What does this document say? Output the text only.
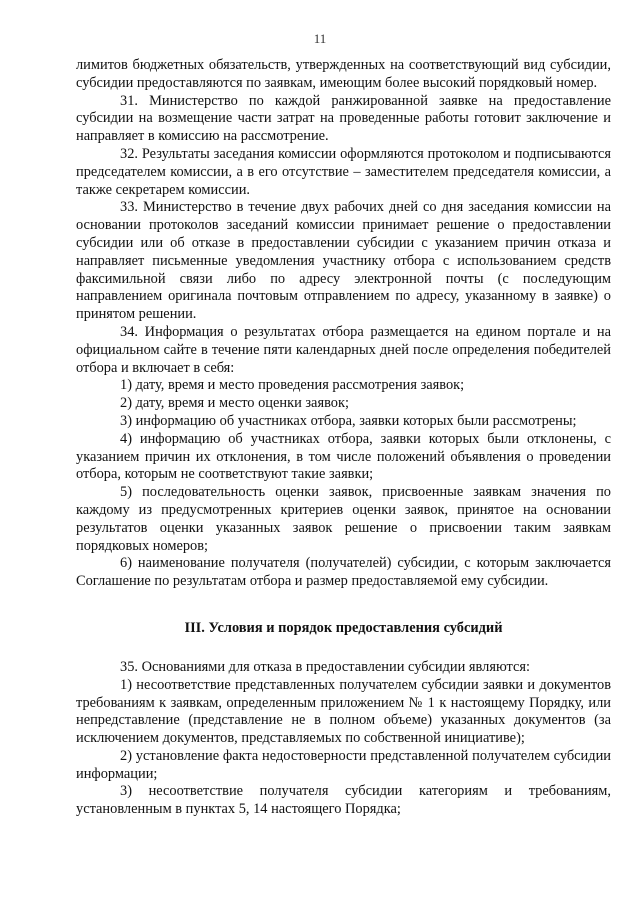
11

лимитов бюджетных обязательств, утвержденных на соответствующий вид субсидии, субсидии предоставляются по заявкам, имеющим более высокий порядковый номер.

31. Министерство по каждой ранжированной заявке на предоставление субсидии на возмещение части затрат на проведенные работы готовит заключение и направляет в комиссию на рассмотрение.

32. Результаты заседания комиссии оформляются протоколом и подписываются председателем комиссии, а в его отсутствие – заместителем председателя комиссии, а также секретарем комиссии.

33. Министерство в течение двух рабочих дней со дня заседания комиссии на основании протоколов заседаний комиссии принимает решение о предоставлении субсидии или об отказе в предоставлении субсидии с указанием причин отказа и направляет письменные уведомления участнику отбора с использованием средств факсимильной связи либо по адресу электронной почты (с последующим направлением оригинала почтовым отправлением по адресу, указанному в заявке) о принятом решении.

34. Информация о результатах отбора размещается на едином портале и на официальном сайте в течение пяти календарных дней после определения победителей отбора и включает в себя:

1) дату, время и место проведения рассмотрения заявок;

2) дату, время и место оценки заявок;

3) информацию об участниках отбора, заявки которых были рассмотрены;

4) информацию об участниках отбора, заявки которых были отклонены, с указанием причин их отклонения, в том числе положений объявления о проведении отбора, которым не соответствуют такие заявки;

5) последовательность оценки заявок, присвоенные заявкам значения по каждому из предусмотренных критериев оценки заявок, принятое на основании результатов оценки указанных заявок решение о присвоении таким заявкам порядковых номеров;

6) наименование получателя (получателей) субсидии, с которым заключается Соглашение по результатам отбора и размер предоставляемой ему субсидии.

III. Условия и порядок предоставления субсидий

35. Основаниями для отказа в предоставлении субсидии являются:

1) несоответствие представленных получателем субсидии заявки и документов требованиям к заявкам, определенным приложением № 1 к настоящему Порядку, или непредставление (представление не в полном объеме) указанных документов (за исключением документов, представляемых по собственной инициативе);

2) установление факта недостоверности представленной получателем субсидии информации;

3) несоответствие получателя субсидии категориям и требованиям, установленным в пунктах 5, 14 настоящего Порядка;
